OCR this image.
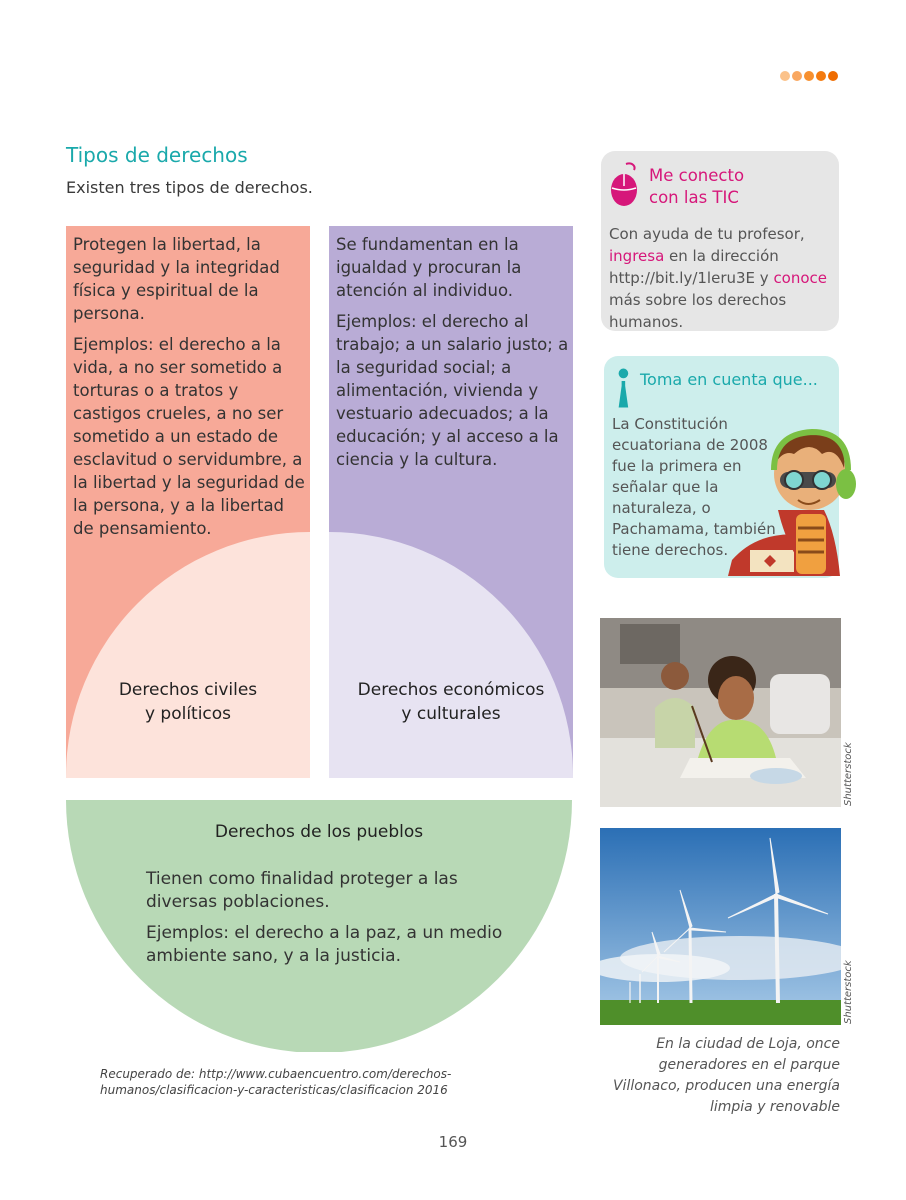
Tipos de derechos
Existen tres tipos de derechos.

Protegen la libertad, la seguridad y la integridad física y espiritual de la persona.

Ejemplos: el derecho a la vida, a no ser sometido a torturas o a tratos y castigos crueles, a no ser sometido a un estado de esclavitud o servidumbre, a la libertad y la seguridad de la persona, y a la libertad de pensamiento.

Derechos civiles
y políticos

Se fundamentan en la igualdad y procuran la atención al individuo.

Ejemplos: el derecho al trabajo; a un salario justo; a la seguridad social; a alimentación, vivienda y vestuario adecuados; a la educación; y al acceso a la ciencia y la cultura.

Derechos económicos
y culturales
Derechos de los pueblos

Tienen como finalidad proteger a las diversas poblaciones.

Ejemplos: el derecho a la paz, a un medio ambiente sano, y a la justicia.

Recuperado de: http://www.cubaencuentro.com/derechos-humanos/clasificacion-y-caracteristicas/clasificacion 2016
Me conecto
con las TIC
Con ayuda de tu profesor, ingresa en la dirección http://bit.ly/1leru3E y conoce más sobre los derechos humanos.
¡ Toma en cuenta que...
La Constitución ecuatoriana de 2008 fue la primera en señalar que la naturaleza, o Pachamama, también tiene derechos.
Shutterstock
Shutterstock
En la ciudad de Loja, once generadores en el parque Villonaco, producen una energía limpia y renovable
169
